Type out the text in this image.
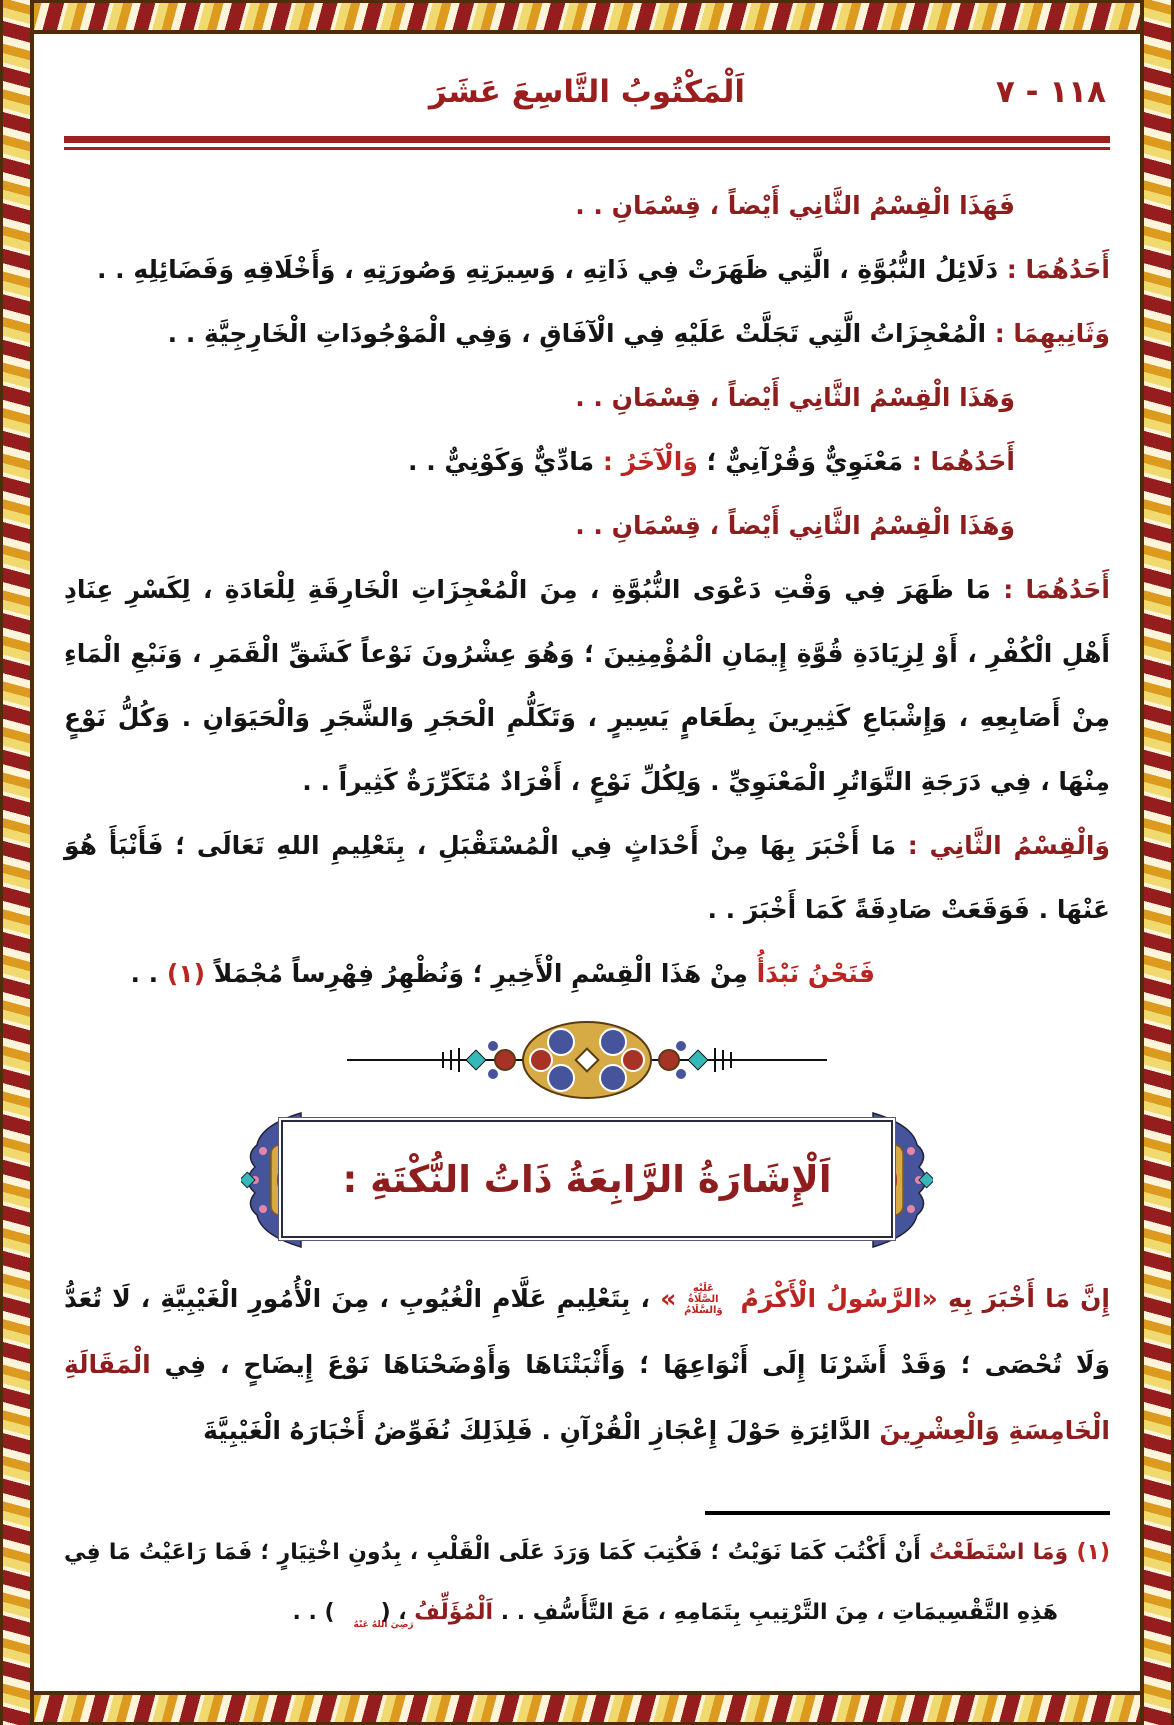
١١٨ - ٧
اَلْمَكْتُوبُ التَّاسِعَ عَشَرَ

فَهَذَا الْقِسْمُ الثَّانِي أَيْضاً ، قِسْمَانِ . .

أَحَدُهُمَا : دَلَائِلُ النُّبُوَّةِ ، الَّتِي ظَهَرَتْ فِي ذَاتِهِ ، وَسِيرَتِهِ وَصُورَتِهِ ، وَأَخْلَاقِهِ وَفَضَائِلِهِ . .

وَثَانِيهِمَا : الْمُعْجِزَاتُ الَّتِي تَجَلَّتْ عَلَيْهِ فِي الْآفَاقِ ، وَفِي الْمَوْجُودَاتِ الْخَارِجِيَّةِ . .

وَهَذَا الْقِسْمُ الثَّانِي أَيْضاً ، قِسْمَانِ . .

أَحَدُهُمَا : مَعْنَوِيٌّ وَقُرْآنِيٌّ ؛ وَالْآخَرُ : مَادِّيٌّ وَكَوْنِيٌّ . .

وَهَذَا الْقِسْمُ الثَّانِي أَيْضاً ، قِسْمَانِ . .

أَحَدُهُمَا : مَا ظَهَرَ فِي وَقْتِ دَعْوَى النُّبُوَّةِ ، مِنَ الْمُعْجِزَاتِ الْخَارِقَةِ لِلْعَادَةِ ، لِكَسْرِ عِنَادِ أَهْلِ الْكُفْرِ ، أَوْ لِزِيَادَةِ قُوَّةِ إِيمَانِ الْمُؤْمِنِينَ ؛ وَهُوَ عِشْرُونَ نَوْعاً كَشَقِّ الْقَمَرِ ، وَنَبْعِ الْمَاءِ مِنْ أَصَابِعِهِ ، وَإِشْبَاعِ كَثِيرِينَ بِطَعَامٍ يَسِيرٍ ، وَتَكَلُّمِ الْحَجَرِ وَالشَّجَرِ وَالْحَيَوَانِ . وَكُلُّ نَوْعٍ مِنْهَا ، فِي دَرَجَةِ التَّوَاتُرِ الْمَعْنَوِيِّ . وَلِكُلِّ نَوْعٍ ، أَفْرَادٌ مُتَكَرِّرَةٌ كَثِيراً . .

وَالْقِسْمُ الثَّانِي : مَا أَخْبَرَ بِهَا مِنْ أَحْدَاثٍ فِي الْمُسْتَقْبَلِ ، بِتَعْلِيمِ اللهِ تَعَالَى ؛ فَأَنْبَأَ هُوَ عَنْهَا . فَوَقَعَتْ صَادِقَةً كَمَا أَخْبَرَ . .

فَنَحْنُ نَبْدَأُ مِنْ هَذَا الْقِسْمِ الْأَخِيرِ ؛ وَنُظْهِرُ فِهْرِساً مُجْمَلاً (١) . .

اَلْإِشَارَةُ الرَّابِعَةُ ذَاتُ النُّكْتَةِ :

إِنَّ مَا أَخْبَرَ بِهِ «الرَّسُولُ الْأَكْرَمُ عَلَيْهِ الصَّلَاةُ وَالسَّلَامُ» ، بِتَعْلِيمِ عَلَّامِ الْغُيُوبِ ، مِنَ الْأُمُورِ الْغَيْبِيَّةِ ، لَا تُعَدُّ وَلَا تُحْصَى ؛ وَقَدْ أَشَرْنَا إِلَى أَنْوَاعِهَا ؛ وَأَثْبَتْنَاهَا وَأَوْضَحْنَاهَا نَوْعَ إِيضَاحٍ ، فِي الْمَقَالَةِ الْخَامِسَةِ وَالْعِشْرِينَ الدَّائِرَةِ حَوْلَ إِعْجَازِ الْقُرْآنِ . فَلِذَلِكَ نُفَوِّضُ أَخْبَارَهُ الْغَيْبِيَّةَ

(١) وَمَا اسْتَطَعْتُ أَنْ أَكْتُبَ كَمَا نَوَيْتُ ؛ فَكُتِبَ كَمَا وَرَدَ عَلَى الْقَلْبِ ، بِدُونِ اخْتِيَارٍ ؛ فَمَا رَاعَيْتُ مَا فِي هَذِهِ التَّقْسِيمَاتِ ، مِنَ التَّرْتِيبِ بِتَمَامِهِ ، مَعَ التَّأَسُّفِ . . اَلْمُؤَلِّفُ ، (رَضِيَ اللهُ عَنْهُ) . .
